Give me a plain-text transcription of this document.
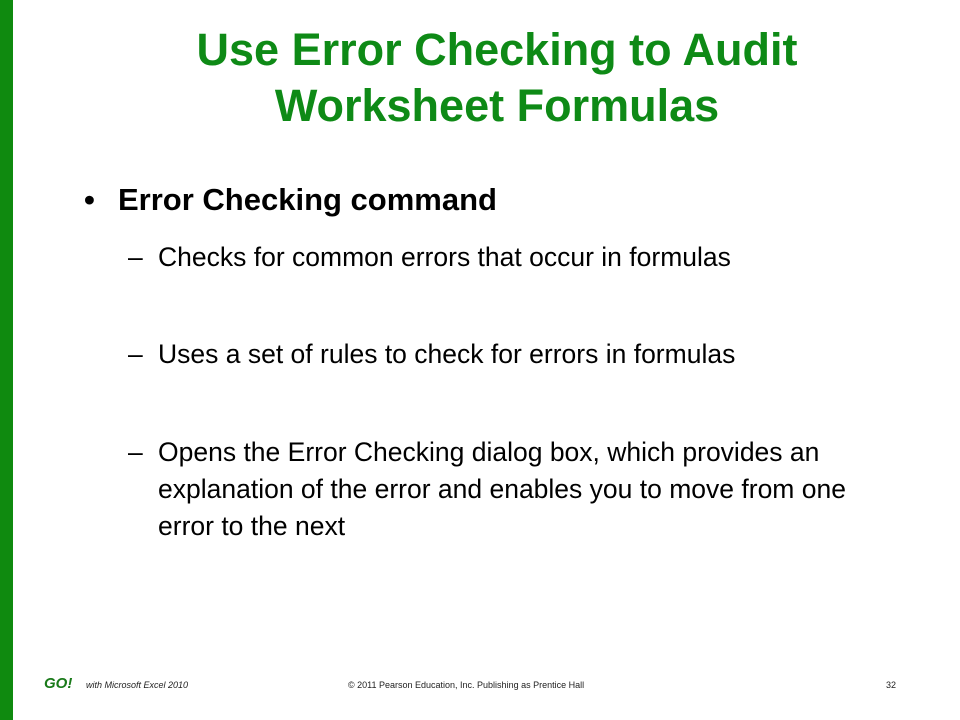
Use Error Checking to Audit
Worksheet Formulas
• Error Checking command
– Checks for common errors that occur in formulas
– Uses a set of rules to check for errors in formulas
– Opens the Error Checking dialog box, which provides an explanation of the error and enables you to move from one error to the next
GO! with Microsoft Excel 2010	© 2011 Pearson Education, Inc. Publishing as Prentice Hall	32
